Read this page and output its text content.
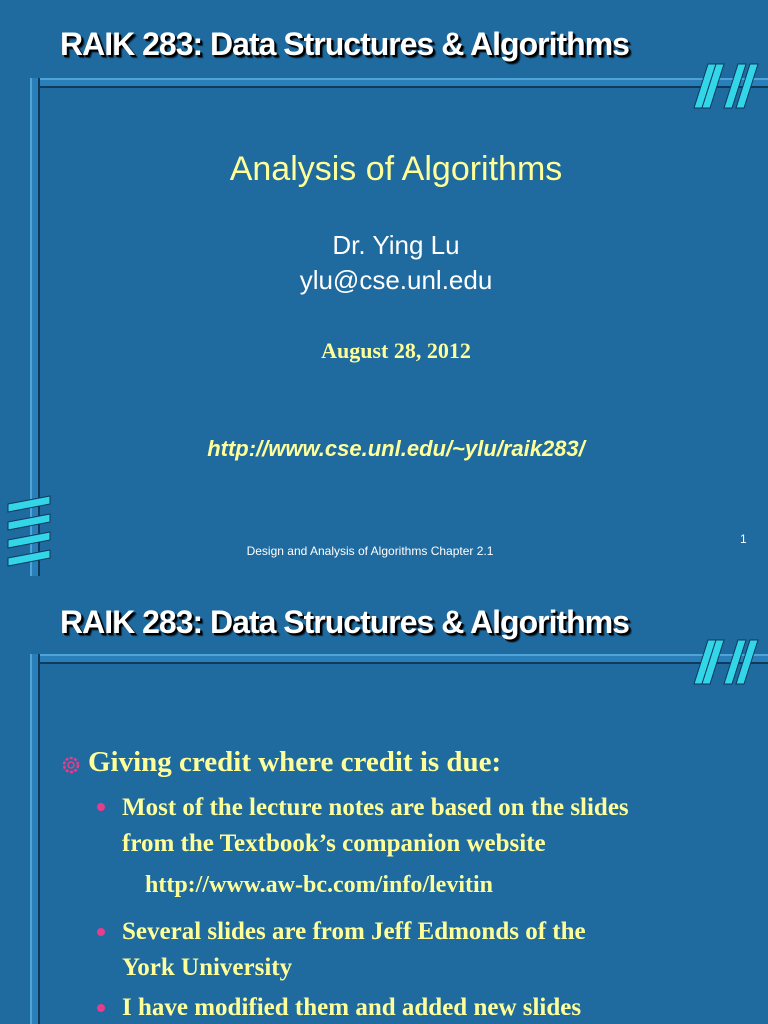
RAIK 283: Data Structures & Algorithms
Analysis of Algorithms
Dr. Ying Lu
ylu@cse.unl.edu
August 28, 2012
http://www.cse.unl.edu/~ylu/raik283/
Design and Analysis of Algorithms Chapter 2.1
1
RAIK 283: Data Structures & Algorithms
Giving credit where credit is due:
Most of the lecture notes are based on the slides
from the Textbook’s companion website
http://www.aw-bc.com/info/levitin
Several slides are from Jeff Edmonds of the
York University
I have modified them and added new slides
